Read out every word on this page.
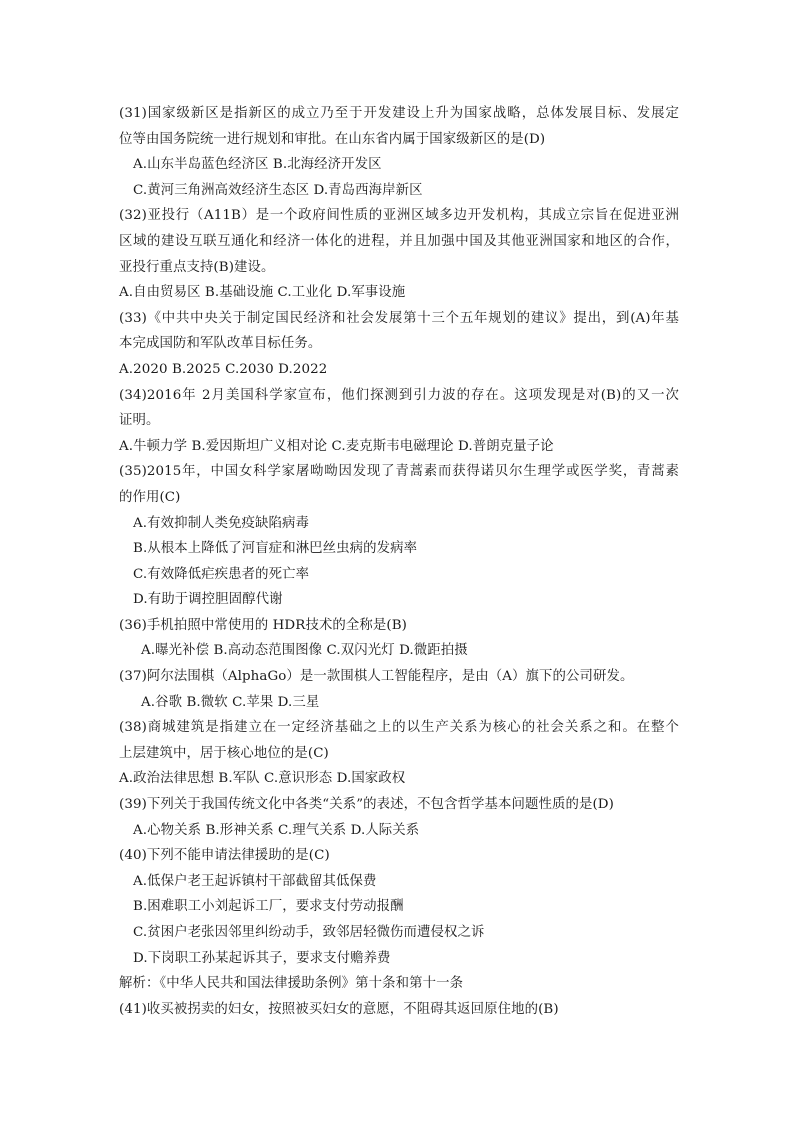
(31)国家级新区是指新区的成立乃至于开发建设上升为国家战略，总体发展目标、发展定
位等由国务院统一进行规划和审批。在山东省内属于国家级新区的是(D)
A.山东半岛蓝色经济区 B.北海经济开发区
C.黄河三角洲高效经济生态区 D.青岛西海岸新区
(32)亚投行（A11B）是一个政府间性质的亚洲区域多边开发机构，其成立宗旨在促进亚洲
区域的建设互联互通化和经济一体化的进程，并且加强中国及其他亚洲国家和地区的合作，
亚投行重点支持(B)建设。
A.自由贸易区 B.基础设施 C.工业化 D.军事设施
(33)《中共中央关于制定国民经济和社会发展第十三个五年规划的建议》提出，到(A)年基
本完成国防和军队改革目标任务。
A.2020 B.2025 C.2030 D.2022
(34)2016年 2月美国科学家宣布，他们探测到引力波的存在。这项发现是对(B)的又一次
证明。
A.牛顿力学 B.爱因斯坦广义相对论 C.麦克斯韦电磁理论 D.普朗克量子论
(35)2015年，中国女科学家屠呦呦因发现了青蒿素而获得诺贝尔生理学或医学奖，青蒿素
的作用(C)
A.有效抑制人类免疫缺陷病毒
B.从根本上降低了河盲症和淋巴丝虫病的发病率
C.有效降低疟疾患者的死亡率
D.有助于调控胆固醇代谢
(36)手机拍照中常使用的 HDR技术的全称是(B)
A.曝光补偿 B.高动态范围图像 C.双闪光灯 D.微距拍摄
(37)阿尔法围棋（AlphaGo）是一款围棋人工智能程序，是由（A）旗下的公司研发。
A.谷歌 B.微软 C.苹果 D.三星
(38)商城建筑是指建立在一定经济基础之上的以生产关系为核心的社会关系之和。在整个
上层建筑中，居于核心地位的是(C)
A.政治法律思想 B.军队 C.意识形态 D.国家政权
(39)下列关于我国传统文化中各类“关系”的表述，不包含哲学基本问题性质的是(D)
A.心物关系 B.形神关系 C.理气关系 D.人际关系
(40)下列不能申请法律援助的是(C)
A.低保户老王起诉镇村干部截留其低保费
B.困难职工小刘起诉工厂，要求支付劳动报酬
C.贫困户老张因邻里纠纷动手，致邻居轻微伤而遭侵权之诉
D.下岗职工孙某起诉其子，要求支付赡养费
解析：《中华人民共和国法律援助条例》第十条和第十一条
(41)收买被拐卖的妇女，按照被买妇女的意愿，不阻碍其返回原住地的(B)
